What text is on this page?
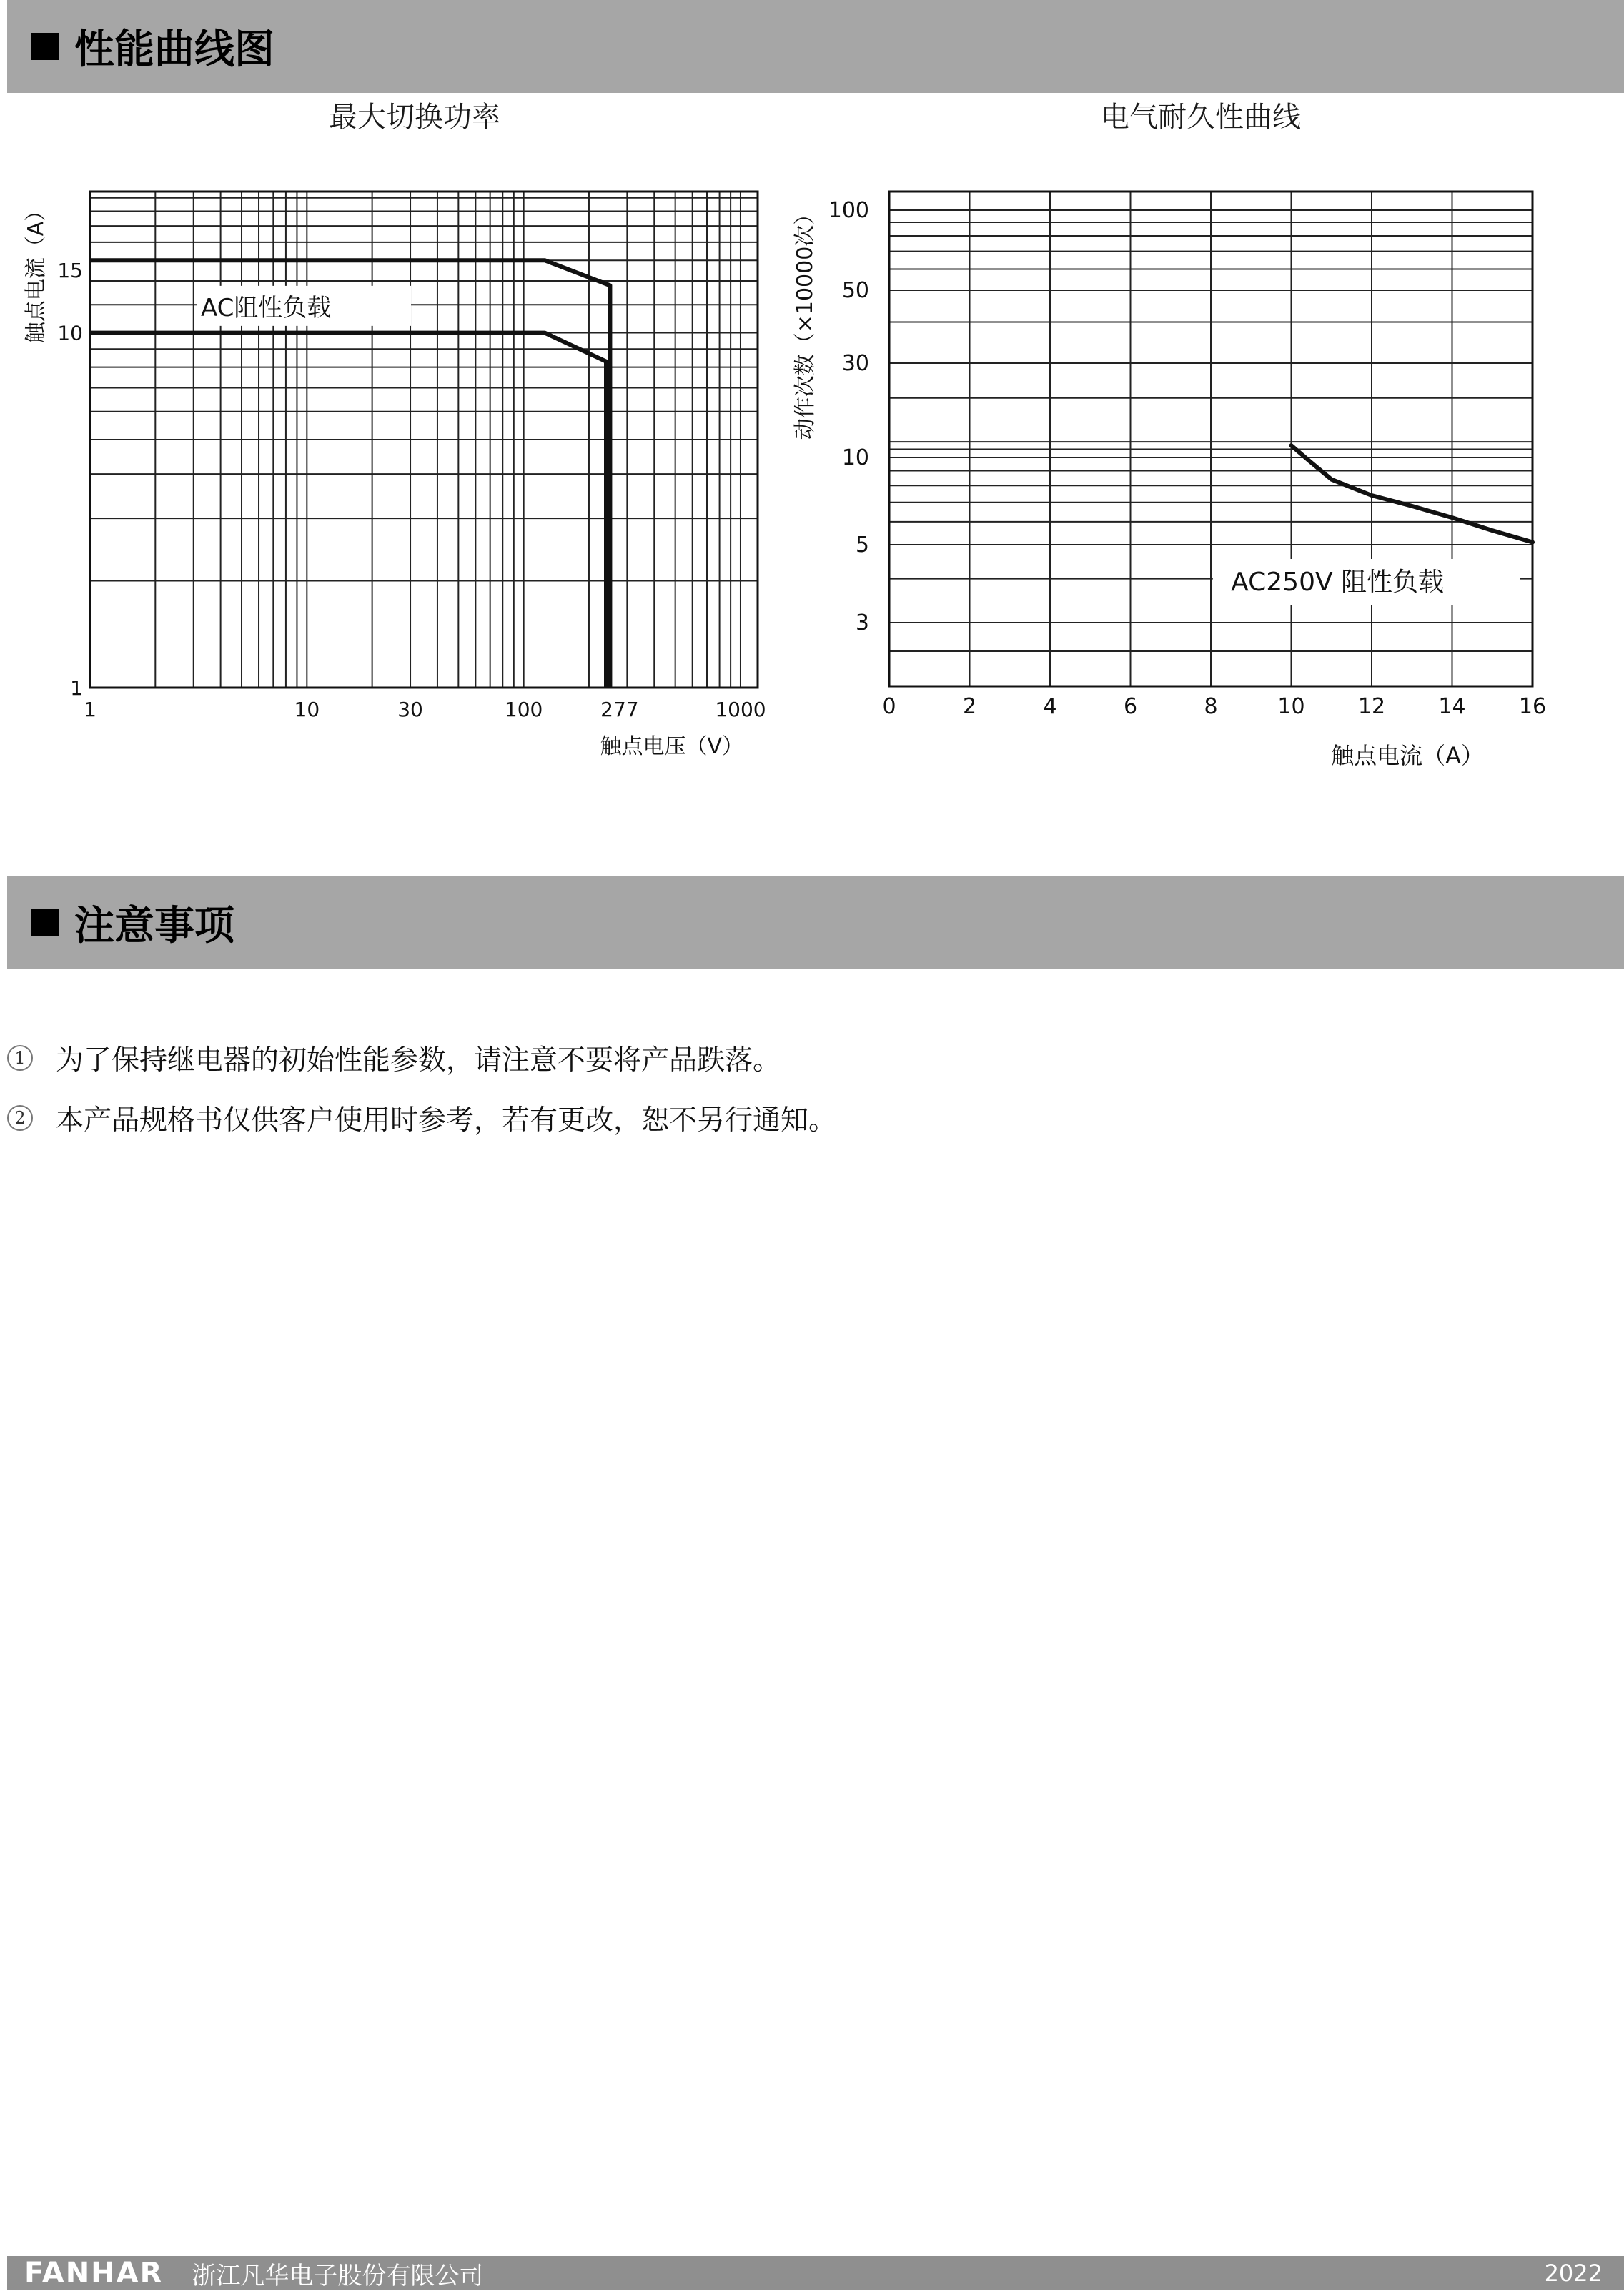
性能曲线图
最大切换功率	电气耐久性曲线
AC阻性负载
1	10	30	100	277	1000
1
10
15
触点电压（V）
触点电流（A）
AC250V 阻性负载
0	2	4	6	8	10 12 14 16
3
5
10
30
50
100
触点电流（A）
动作次数（×10000次）
注意事项
1 为了保持继电器的初始性能参数，请注意不要将产品跌落。
2 本产品规格书仅供客户使用时参考，若有更改，恕不另行通知。
FANHAR 浙江凡华电子股份有限公司	2022
